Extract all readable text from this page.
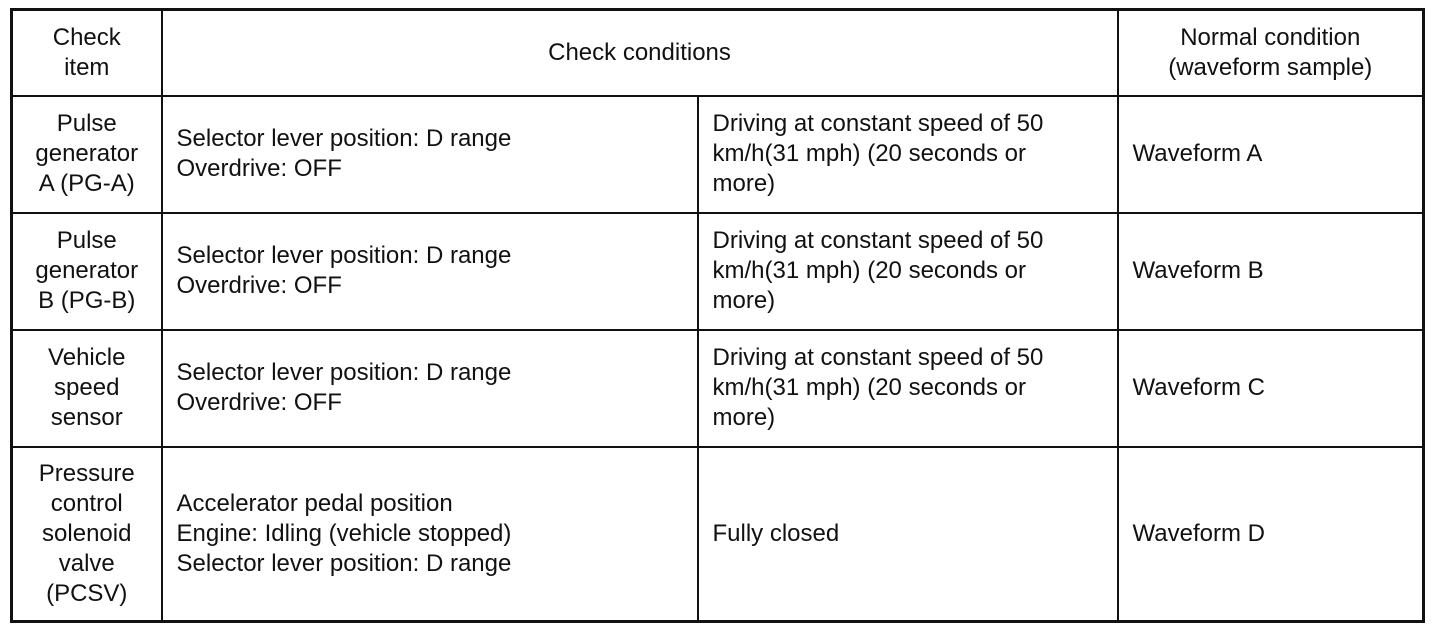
Check
item	Check conditions		Normal condition
(waveform sample)

Pulse
generator
A (PG-A)	Selector lever position: D range
Overdrive: OFF	Driving at constant speed of 50
km/h(31 mph) (20 seconds or
more)	Waveform A

Pulse
generator
B (PG-B)	Selector lever position: D range
Overdrive: OFF	Driving at constant speed of 50
km/h(31 mph) (20 seconds or
more)	Waveform B

Vehicle
speed
sensor	Selector lever position: D range
Overdrive: OFF	Driving at constant speed of 50
km/h(31 mph) (20 seconds or
more)	Waveform C

Pressure
control
solenoid
valve
(PCSV)	Accelerator pedal position
Engine: Idling (vehicle stopped)
Selector lever position: D range	Fully closed	Waveform D
